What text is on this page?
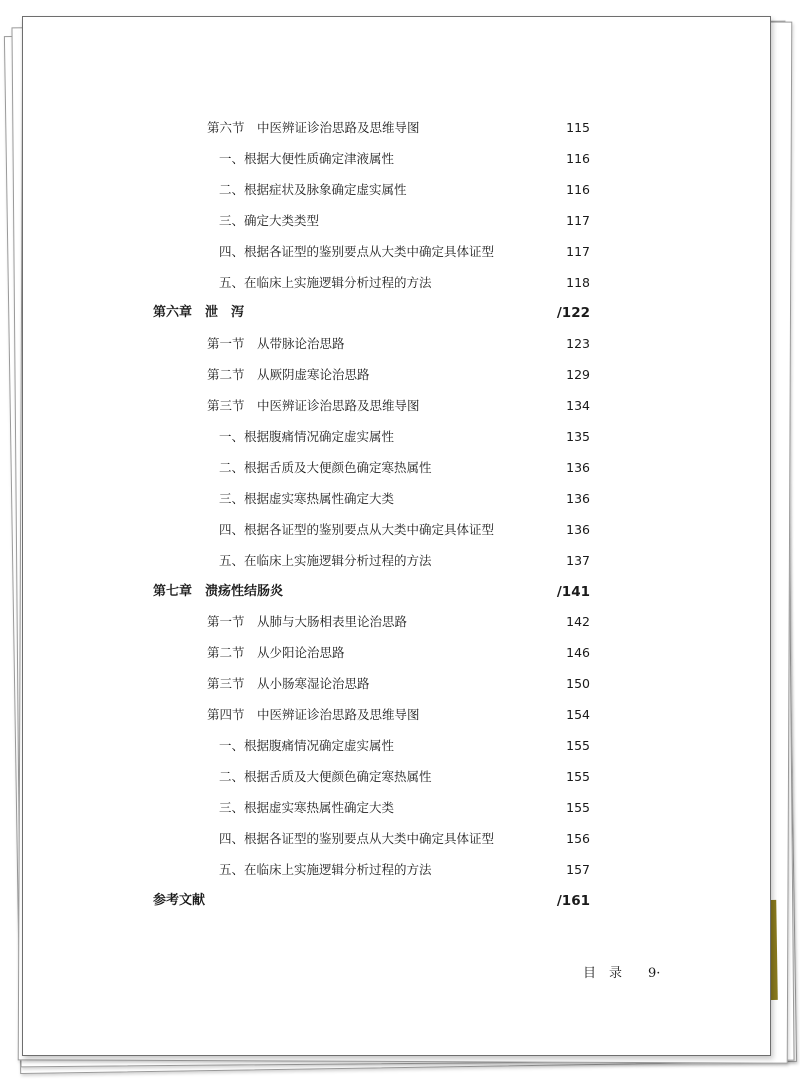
第六节　中医辨证诊治思路及思维导图	115
一、根据大便性质确定津液属性	116
二、根据症状及脉象确定虚实属性	116
三、确定大类类型	117
四、根据各证型的鉴别要点从大类中确定具体证型	117
五、在临床上实施逻辑分析过程的方法	118
第六章　泄　泻	/122
第一节　从带脉论治思路	123
第二节　从厥阴虚寒论治思路	129
第三节　中医辨证诊治思路及思维导图	134
一、根据腹痛情况确定虚实属性	135
二、根据舌质及大便颜色确定寒热属性	136
三、根据虚实寒热属性确定大类	136
四、根据各证型的鉴别要点从大类中确定具体证型	136
五、在临床上实施逻辑分析过程的方法	137
第七章　溃疡性结肠炎	/141
第一节　从肺与大肠相表里论治思路	142
第二节　从少阳论治思路	146
第三节　从小肠寒湿论治思路	150
第四节　中医辨证诊治思路及思维导图	154
一、根据腹痛情况确定虚实属性	155
二、根据舌质及大便颜色确定寒热属性	155
三、根据虚实寒热属性确定大类	155
四、根据各证型的鉴别要点从大类中确定具体证型	156
五、在临床上实施逻辑分析过程的方法	157
参考文献	/161
目　录　　9·
